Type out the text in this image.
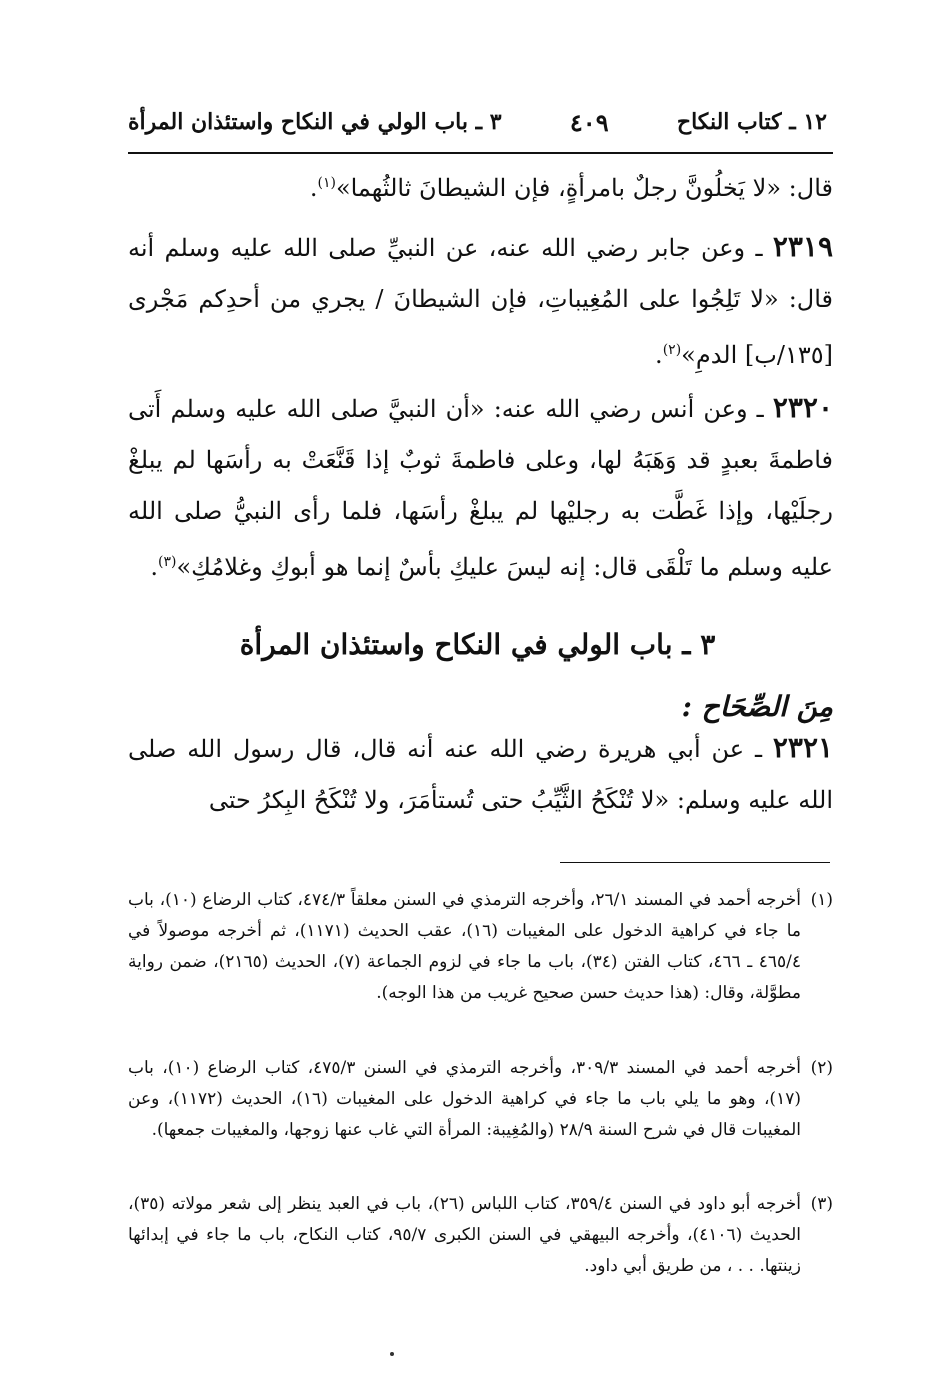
١٢ ـ كتاب النكاح
٤٠٩
٣ ـ باب الولي في النكاح واستئذان المرأة
قال: «لا يَخلُونَّ رجلٌ بامرأةٍ، فإن الشيطانَ ثالثُهما»$^{(١)}$.
٢٣١٩ ـ وعن جابر رضي الله عنه، عن النبيِّ صلى الله عليه وسلم أنه قال: «لا تَلِجُوا على المُغِيباتِ، فإن الشيطانَ / يجري من أحدِكم مَجْرى [١٣٥/ب] الدمِ»$^{(٢)}$.
٢٣٢٠ ـ وعن أنس رضي الله عنه: «أن النبيَّ صلى الله عليه وسلم أَتى فاطمةَ بعبدٍ قد وَهَبَهُ لها، وعلى فاطمةَ ثوبٌ إذا قَنَّعَتْ به رأسَها لم يبلغْ رجلَيْها، وإذا غَطَّت به رجليْها لم يبلغْ رأسَها، فلما رأى النبيُّ صلى الله عليه وسلم ما تَلْقَى قال: إنه ليسَ عليكِ بأسٌ إنما هو أبوكِ وغلامُكِ»$^{(٣)}$.
٣ ـ باب الولي في النكاح واستئذان المرأة
مِنَ الصِّحَاح :
٢٣٢١ ـ عن أبي هريرة رضي الله عنه أنه قال، قال رسول الله صلى الله عليه وسلم: «لا تُنْكَحُ الثَّيِّبُ حتى تُستأمَرَ، ولا تُنْكَحُ البِكرُ حتى
(١)
أخرجه أحمد في المسند ٢٦/١، وأخرجه الترمذي في السنن معلقاً ٤٧٤/٣، كتاب الرضاع (١٠)، باب ما جاء في كراهية الدخول على المغيبات (١٦)، عقب الحديث (١١٧١)، ثم أخرجه موصولاً في ٤٦٥/٤ ـ ٤٦٦، كتاب الفتن (٣٤)، باب ما جاء في لزوم الجماعة (٧)، الحديث (٢١٦٥)، ضمن رواية مطوَّلة، وقال: (هذا حديث حسن صحيح غريب من هذا الوجه).
(٢)
أخرجه أحمد في المسند ٣٠٩/٣، وأخرجه الترمذي في السنن ٤٧٥/٣، كتاب الرضاع (١٠)، باب (١٧)، وهو ما يلي باب ما جاء في كراهية الدخول على المغيبات (١٦)، الحديث (١١٧٢)، وعن المغيبات قال في شرح السنة ٢٨/٩ (والمُغِيبة: المرأة التي غاب عنها زوجها، والمغيبات جمعها).
(٣)
أخرجه أبو داود في السنن ٣٥٩/٤، كتاب اللباس (٢٦)، باب في العبد ينظر إلى شعر مولاته (٣٥)، الحديث (٤١٠٦)، وأخرجه البيهقي في السنن الكبرى ٩٥/٧، كتاب النكاح، باب ما جاء في إبدائها زينتها. . . ، من طريق أبي داود.
